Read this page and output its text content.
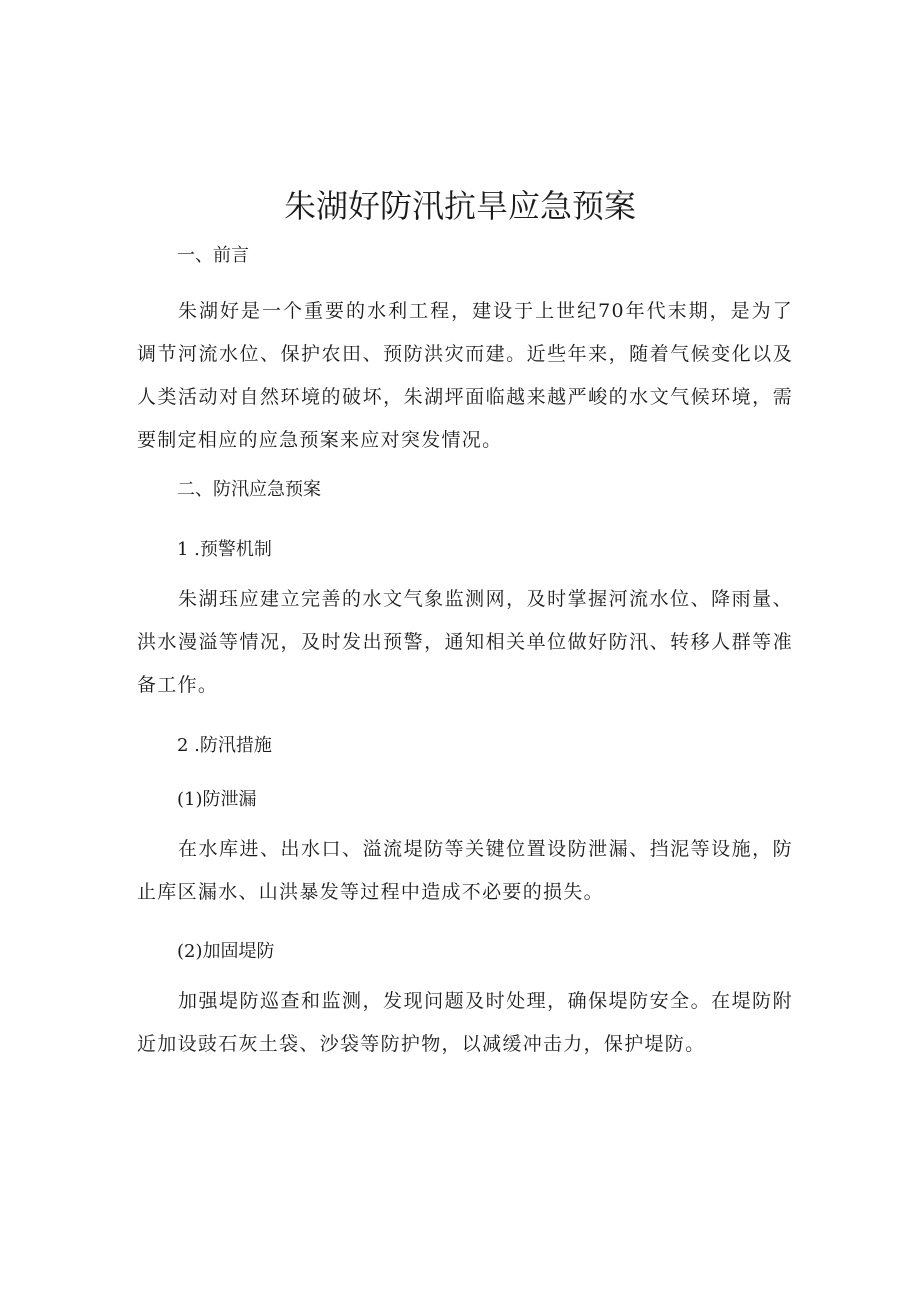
朱湖好防汛抗旱应急预案

一、前言

朱湖好是一个重要的水利工程，建设于上世纪70年代末期，是为了调节河流水位、保护农田、预防洪灾而建。近些年来，随着气候变化以及人类活动对自然环境的破坏，朱湖坪面临越来越严峻的水文气候环境，需要制定相应的应急预案来应对突发情况。

二、防汛应急预案

1 .预警机制

朱湖珏应建立完善的水文气象监测网，及时掌握河流水位、降雨量、洪水漫溢等情况，及时发出预警，通知相关单位做好防汛、转移人群等准备工作。

2 .防汛措施

(1)防泄漏

在水库进、出水口、溢流堤防等关键位置设防泄漏、挡泥等设施，防止库区漏水、山洪暴发等过程中造成不必要的损失。

(2)加固堤防

加强堤防巡查和监测，发现问题及时处理，确保堤防安全。在堤防附近加设豉石灰土袋、沙袋等防护物，以减缓冲击力，保护堤防。
